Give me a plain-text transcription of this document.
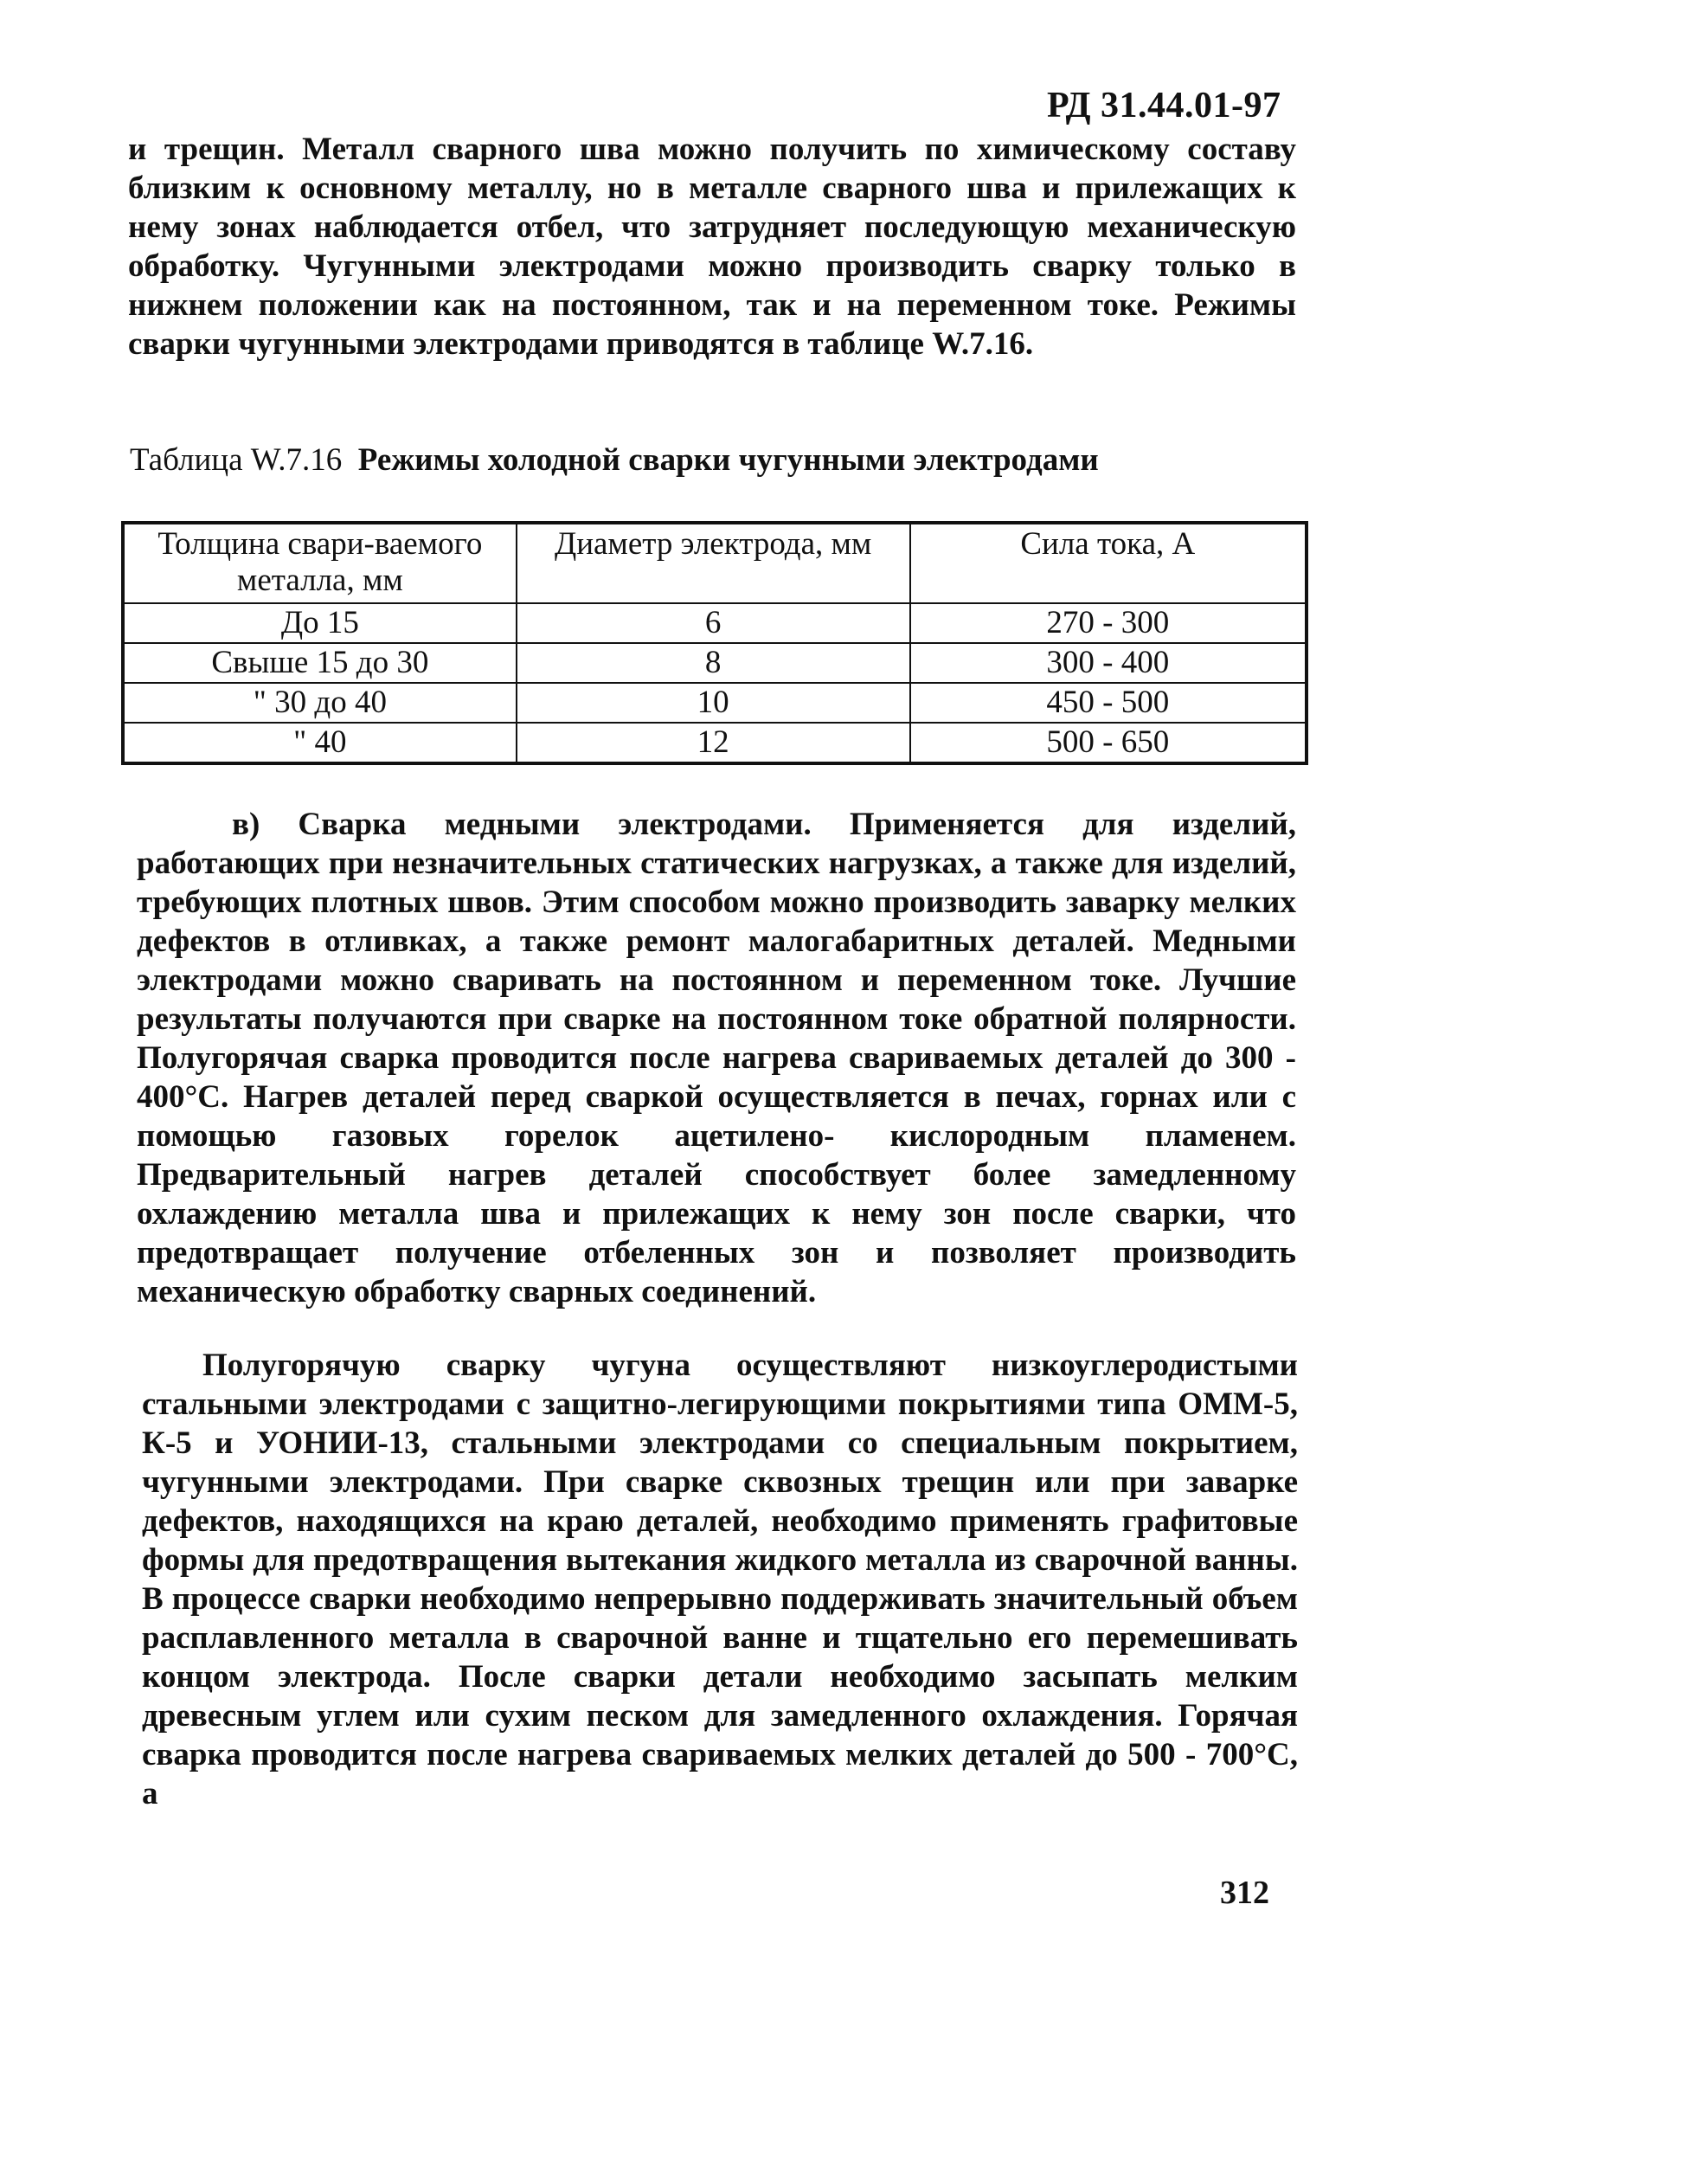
РД 31.44.01-97

и трещин. Металл сварного шва можно получить по химическому составу близким к основному металлу, но в металле сварного шва и прилежащих к нему зонах наблюдается отбел, что затрудняет последующую механическую обработку. Чугунными электродами можно производить сварку только в нижнем положении как на постоянном, так и на переменном токе. Режимы сварки чугунными электродами приводятся в таблице W.7.16.

Таблица W.7.16 Режимы холодной сварки чугунными электродами
Толщина свари-ваемого металла, мм	Диаметр электрода, мм	Сила тока, А
До 15	6	270 - 300
Свыше 15 до 30	8	300 - 400
" 30 до 40	10	450 - 500
" 40	12	500 - 650

в) Сварка медными электродами. Применяется для изделий, работающих при незначительных статических нагрузках, а также для изделий, требующих плотных швов. Этим способом можно производить заварку мелких дефектов в отливках, а также ремонт малогабаритных деталей. Медными электродами можно сваривать на постоянном и переменном токе. Лучшие результаты получаются при сварке на постоянном токе обратной полярности. Полугорячая сварка проводится после нагрева свариваемых деталей до 300 - 400°С. Нагрев деталей перед сваркой осуществляется в печах, горнах или с помощью газовых горелок ацетилено- кислородным пламенем. Предварительный нагрев деталей способствует более замедленному охлаждению металла шва и прилежащих к нему зон после сварки, что предотвращает получение отбеленных зон и позволяет производить механическую обработку сварных соединений.

Полугорячую сварку чугуна осуществляют низкоуглеродистыми стальными электродами с защитно-легирующими покрытиями типа ОММ-5, К-5 и УОНИИ-13, стальными электродами со специальным покрытием, чугунными электродами. При сварке сквозных трещин или при заварке дефектов, находящихся на краю деталей, необходимо применять графитовые формы для предотвращения вытекания жидкого металла из сварочной ванны. В процессе сварки необходимо непрерывно поддерживать значительный объем расплавленного металла в сварочной ванне и тщательно его перемешивать концом электрода. После сварки детали необходимо засыпать мелким древесным углем или сухим песком для замедленного охлаждения. Горячая сварка проводится после нагрева свариваемых мелких деталей до 500 - 700°С, а

312
